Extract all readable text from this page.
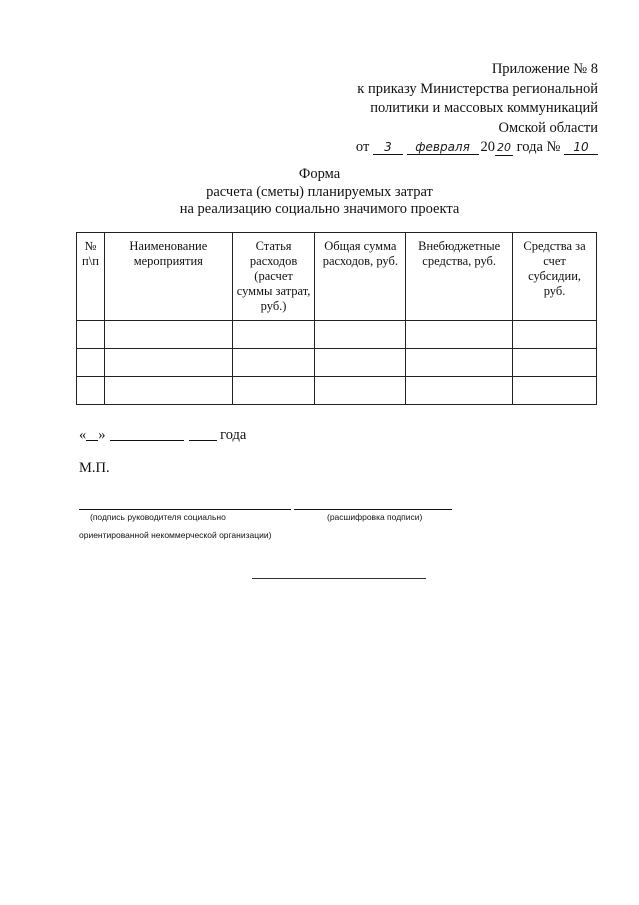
Приложение № 8
к приказу Министерства региональной
политики и массовых коммуникаций
Омской области
от 3 февраля 20 20 года № 10
Форма
расчета (сметы) планируемых затрат
на реализацию социально значимого проекта
№ п\п	Наименование мероприятия	Статья расходов (расчет суммы затрат, руб.)	Общая сумма расходов, руб.	Внебюджетные средства, руб.	Средства за счет субсидии, руб.

« »	года
М.П.
(подпись руководителя социально
ориентированной некоммерческой организации)
(расшифровка подписи)
